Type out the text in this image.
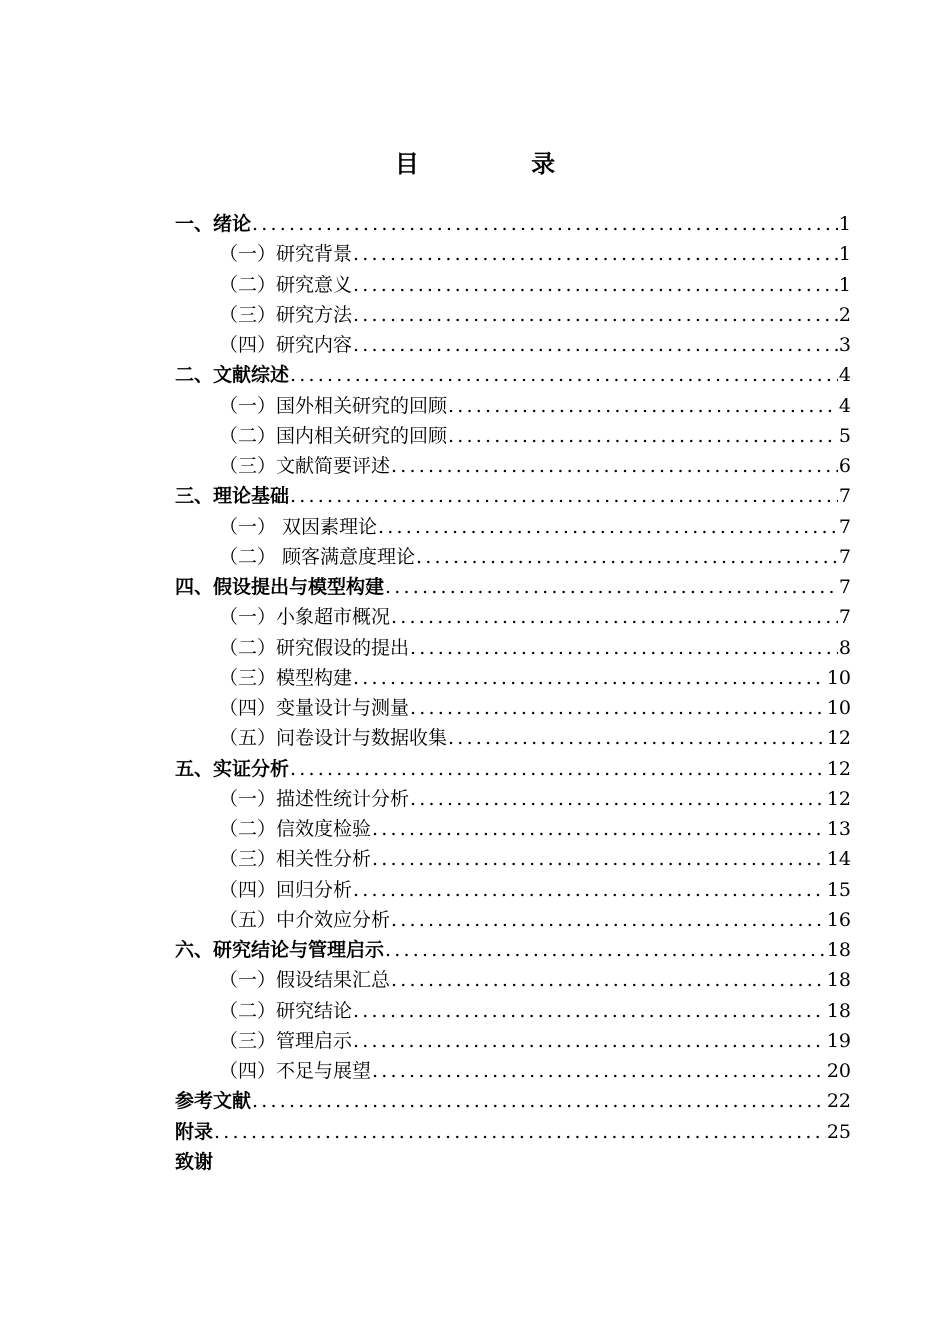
目 录
一、绪论 .....	1
（一）研究背景 .....	1
（二）研究意义 .....	1
（三）研究方法 .....	2
（四）研究内容 .....	3
二、文献综述 .....	4
（一）国外相关研究的回顾 .....	4
（二）国内相关研究的回顾 .....	5
（三）文献简要评述 .....	6
三、理论基础 .....	7
（一） 双因素理论 .....	7
（二） 顾客满意度理论 .....	7
四、假设提出与模型构建 .....	7
（一）小象超市概况 .....	7
（二）研究假设的提出 .....	8
（三）模型构建 .....	10
（四）变量设计与测量 .....	10
（五）问卷设计与数据收集 .....	12
五、实证分析 .....	12
（一）描述性统计分析 .....	12
（二）信效度检验 .....	13
（三）相关性分析 .....	14
（四）回归分析 .....	15
（五）中介效应分析 .....	16
六、研究结论与管理启示 .....	18
（一）假设结果汇总 .....	18
（二）研究结论 .....	18
（三）管理启示 .....	19
（四）不足与展望 .....	20
参考文献 .....	22
附录 .....	25
致谢
